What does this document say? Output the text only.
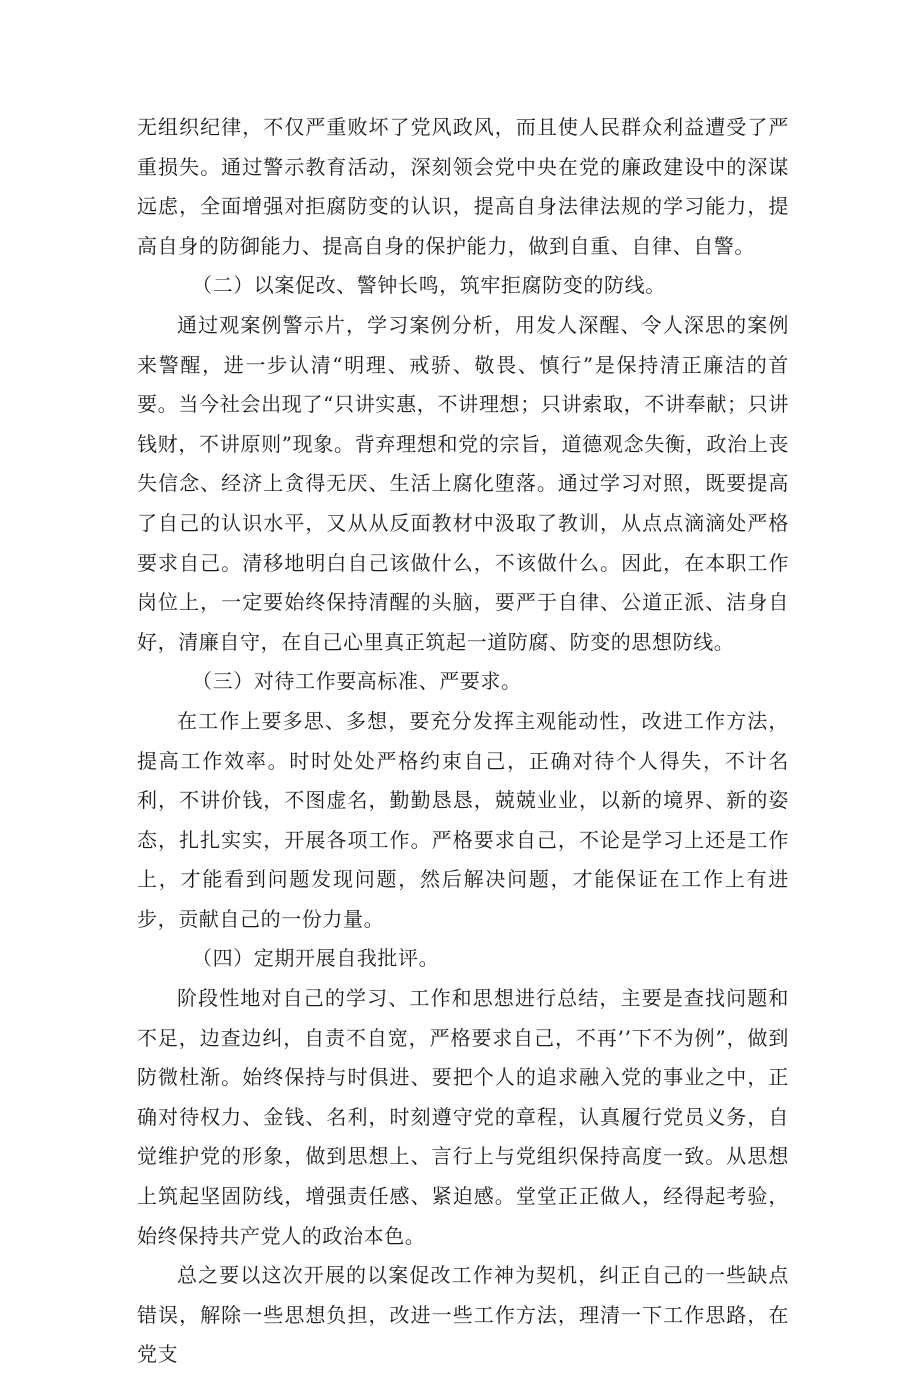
无组织纪律，不仅严重败坏了党风政风，而且使人民群众利益遭受了严重损失。通过警示教育活动，深刻领会党中央在党的廉政建设中的深谋远虑，全面增强对拒腐防变的认识，提高自身法律法规的学习能力，提高自身的防御能力、提高自身的保护能力，做到自重、自律、自警。

（二）以案促改、警钟长鸣，筑牢拒腐防变的防线。

通过观案例警示片，学习案例分析，用发人深醒、令人深思的案例来警醒，进一步认清“明理、戒骄、敬畏、慎行”是保持清正廉洁的首要。当今社会出现了“只讲实惠，不讲理想；只讲索取，不讲奉献；只讲钱财，不讲原则”现象。背弃理想和党的宗旨，道德观念失衡，政治上丧失信念、经济上贪得无厌、生活上腐化堕落。通过学习对照，既要提高了自己的认识水平，又从从反面教材中汲取了教训，从点点滴滴处严格要求自己。清移地明白自己该做什么，不该做什么。因此，在本职工作岗位上，一定要始终保持清醒的头脑，要严于自律、公道正派、洁身自好，清廉自守，在自己心里真正筑起一道防腐、防变的思想防线。

（三）对待工作要高标准、严要求。

在工作上要多思、多想，要充分发挥主观能动性，改进工作方法，提高工作效率。时时处处严格约束自己，正确对待个人得失，不计名利，不讲价钱，不图虚名，勤勤恳恳，兢兢业业，以新的境界、新的姿态，扎扎实实，开展各项工作。严格要求自己，不论是学习上还是工作上，才能看到问题发现问题，然后解决问题，才能保证在工作上有进步，贡献自己的一份力量。

（四）定期开展自我批评。

阶段性地对自己的学习、工作和思想进行总结，主要是查找问题和不足，边查边纠，自责不自宽，严格要求自己，不再’’下不为例”，做到防微杜渐。始终保持与时俱进、要把个人的追求融入党的事业之中，正确对待权力、金钱、名利，时刻遵守党的章程，认真履行党员义务，自觉维护党的形象，做到思想上、言行上与党组织保持高度一致。从思想上筑起坚固防线，增强责任感、紧迫感。堂堂正正做人，经得起考验，始终保持共产党人的政治本色。

总之要以这次开展的以案促改工作神为契机，纠正自己的一些缺点错误，解除一些思想负担，改进一些工作方法，理清一下工作思路，在党支
